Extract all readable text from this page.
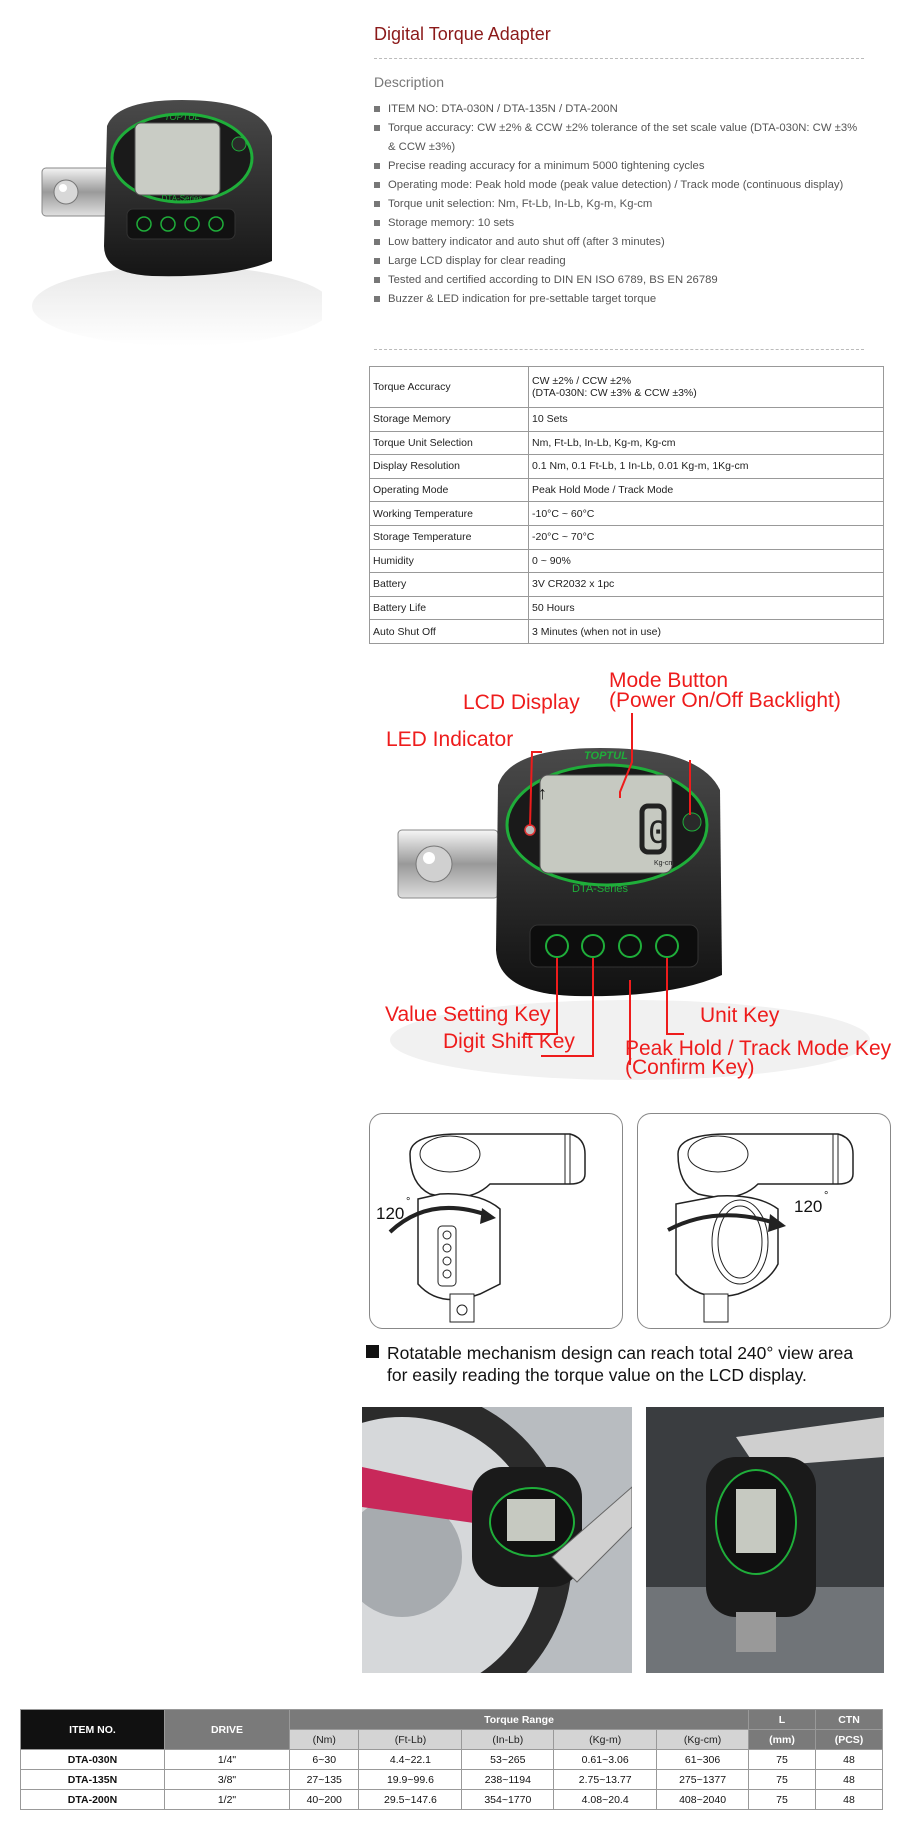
Digital Torque Adapter
Description
ITEM NO: DTA-030N / DTA-135N / DTA-200N
Torque accuracy: CW ±2% & CCW ±2% tolerance of the set scale value (DTA-030N: CW ±3% & CCW ±3%)
Precise reading accuracy for a minimum 5000 tightening cycles
Operating mode: Peak hold mode (peak value detection) / Track mode (continuous display)
Torque unit selection: Nm, Ft-Lb, In-Lb, Kg-m, Kg-cm
Storage memory: 10 sets
Low battery indicator and auto shut off (after 3 minutes)
Large LCD display for clear reading
Tested and certified according to DIN EN ISO 6789, BS EN 26789
Buzzer & LED indication for pre-settable target torque
TOPTUL
DTA-Series
Torque Accuracy	CW ±2% / CCW ±2%
(DTA-030N: CW ±3% & CCW ±3%)
Storage Memory	10 Sets
Torque Unit Selection	Nm, Ft-Lb, In-Lb, Kg-m, Kg-cm
Display Resolution	0.1 Nm, 0.1 Ft-Lb, 1 In-Lb, 0.01 Kg-m, 1Kg-cm
Operating Mode	Peak Hold Mode / Track Mode
Working Temperature	-10°C ~ 60°C
Storage Temperature	-20°C ~ 70°C
Humidity	0 ~ 90%
Battery	3V CR2032 x 1pc
Battery Life	50 Hours
Auto Shut Off	3 Minutes (when not in use)
↑
0
Kg-cm
TOPTUL
DTA-Series
Mode Button
(Power On/Off Backlight)
LCD Display
LED Indicator
Value Setting Key
Digit Shift Key
Unit Key
Peak Hold / Track Mode Key
(Confirm Key)
120
°	120
°
Rotatable mechanism design can reach total 240° view area
for easily reading the torque value on the LCD display.
ITEM NO.	DRIVE	Torque Range					L	CTN
		(Nm)	(Ft-Lb)	(In-Lb)	(Kg-m)	(Kg-cm)	(mm)	(PCS)
DTA-030N	1/4"	6~30	4.4~22.1	53~265	0.61~3.06	61~306	75	48
DTA-135N	3/8"	27~135	19.9~99.6	238~1194	2.75~13.77	275~1377	75	48
DTA-200N	1/2"	40~200	29.5~147.6	354~1770	4.08~20.4	408~2040	75	48
